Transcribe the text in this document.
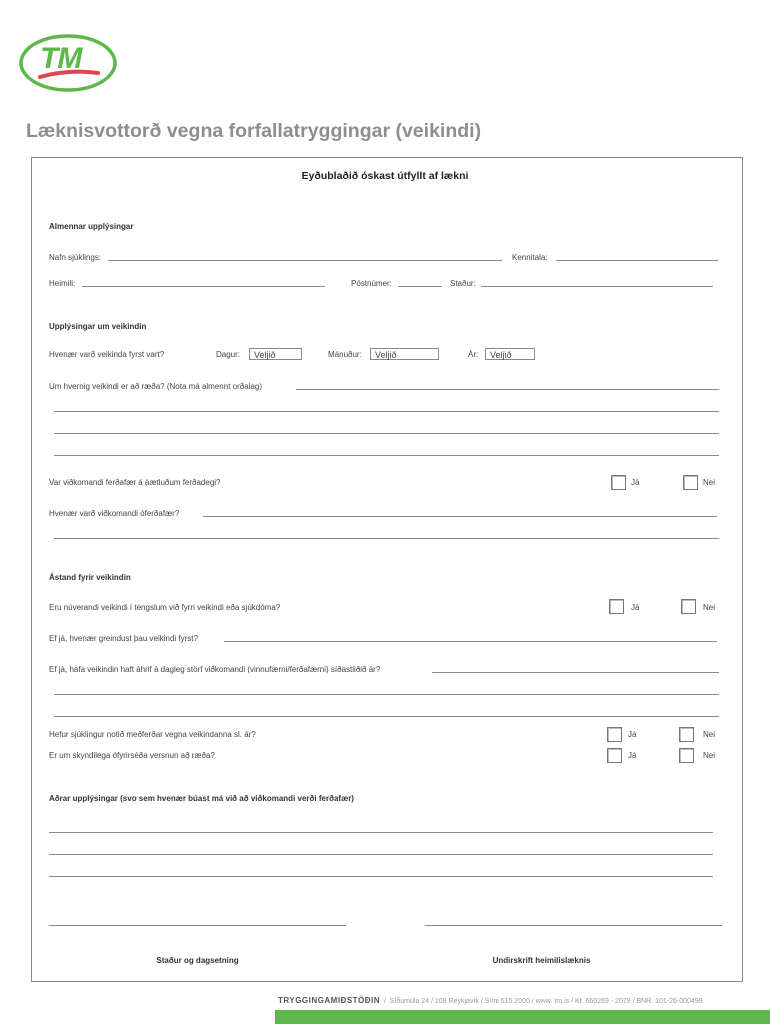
TM
Læknisvottorð vegna forfallatryggingar (veikindi)
Eyðublaðið óskast útfyllt af lækni
Almennar upplýsingar
Nafn sjúklings:	Kennitala:
Heimili:	Póstnúmer:	Staður:
Upplýsingar um veikindin
Hvenær varð veikinda fyrst vart?	Dagur:	Veljið	Mánuður:	Veljið	Ár:	Veljið
Um hvernig veikindi er að ræða? (Nota má almennt orðalag)
Var viðkomandi ferðafær á áætluðum ferðadegi?	Já	Nei
Hvenær varð viðkomandi óferðafær?
Ástand fyrir veikindin
Eru núverandi veikindi í tengslum við fyrri veikindi eða sjúkdóma?	Já	Nei
Ef já, hvenær greindust þau veikindi fyrst?
Ef já, hafa veikindin haft áhrif á dagleg störf viðkomandi (vinnufærni/ferðafærni) síðastliðið ár?
Hefur sjúklingur notið meðferðar vegna veikindanna sl. ár?	Já	Nei
Er um skyndilega ófyrirséða versnun að ræða?	Já	Nei
Aðrar upplýsingar (svo sem hvenær búast má við að viðkomandi verði ferðafær)
Staður og dagsetning	Undirskrift heimilislæknis
TRYGGINGAMIÐSTÖÐIN  /  Síðumúla 24 / 108 Reykjavík / Sími 515 2000 / www. tm.is / Kt. 660269 - 2079 / BNR. 101-26-000499
